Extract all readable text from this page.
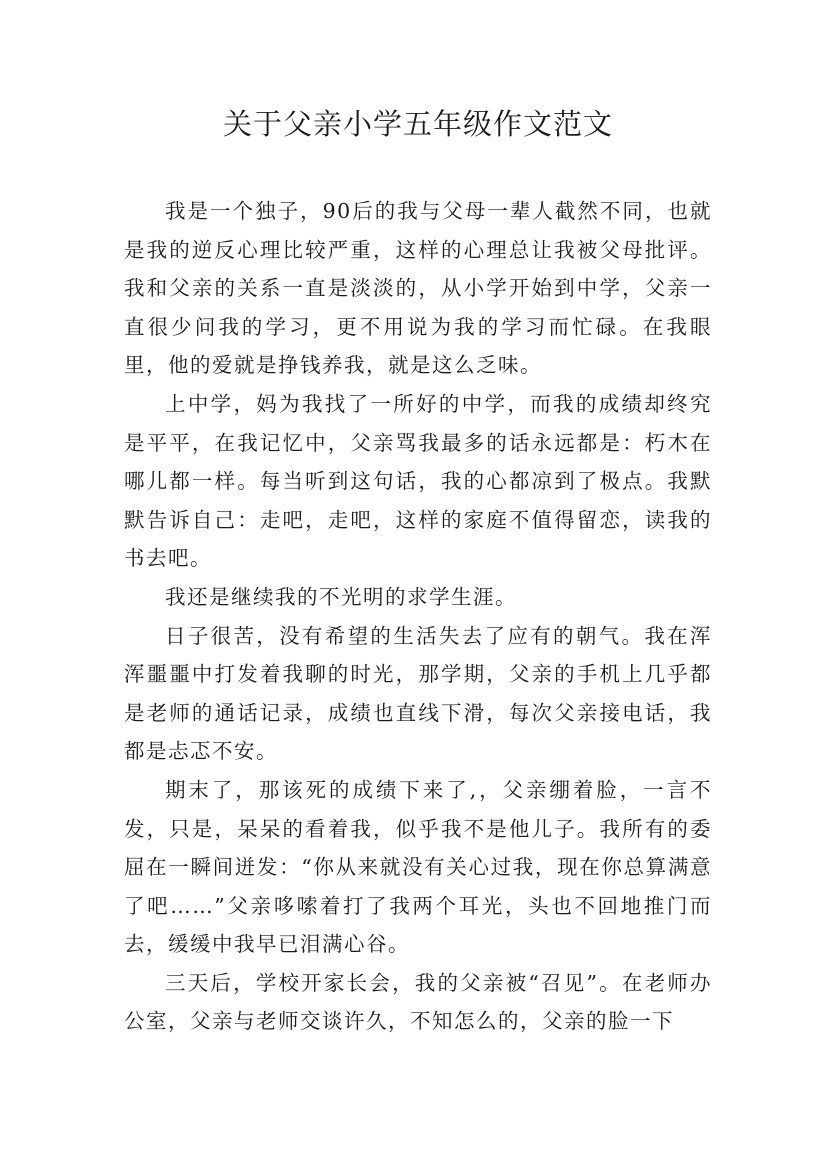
关于父亲小学五年级作文范文

我是一个独子，90后的我与父母一辈人截然不同，也就是我的逆反心理比较严重，这样的心理总让我被父母批评。我和父亲的关系一直是淡淡的，从小学开始到中学，父亲一直很少问我的学习，更不用说为我的学习而忙碌。在我眼里，他的爱就是挣钱养我，就是这么乏味。

上中学，妈为我找了一所好的中学，而我的成绩却终究是平平，在我记忆中，父亲骂我最多的话永远都是：朽木在哪儿都一样。每当听到这句话，我的心都凉到了极点。我默默告诉自己：走吧，走吧，这样的家庭不值得留恋，读我的书去吧。

我还是继续我的不光明的求学生涯。

日子很苦，没有希望的生活失去了应有的朝气。我在浑浑噩噩中打发着我聊的时光，那学期，父亲的手机上几乎都是老师的通话记录，成绩也直线下滑，每次父亲接电话，我都是忐忑不安。

期末了，那该死的成绩下来了,，父亲绷着脸，一言不发，只是，呆呆的看着我，似乎我不是他儿子。我所有的委屈在一瞬间迸发：“你从来就没有关心过我，现在你总算满意了吧……”父亲哆嗦着打了我两个耳光，头也不回地推门而去，缓缓中我早已泪满心谷。

三天后，学校开家长会，我的父亲被“召见”。在老师办公室，父亲与老师交谈许久，不知怎么的，父亲的脸一下
